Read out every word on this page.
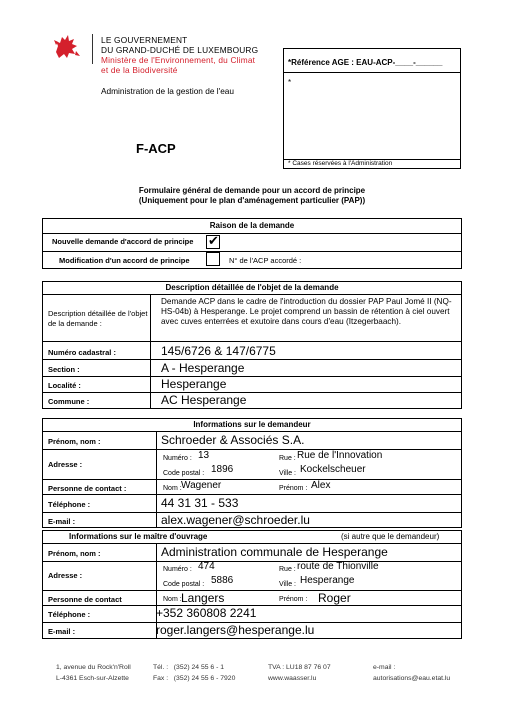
LE GOUVERNEMENT
DU GRAND-DUCHÉ DE LUXEMBOURG
Ministère de l'Environnement, du Climat
et de la Biodiversité
Administration de la gestion de l'eau
*Référence AGE : EAU-ACP-____-______
*
* Cases réservées à l'Administration
F-ACP
Formulaire général de demande pour un accord de principe
(Uniquement pour le plan d'aménagement particulier (PAP))
Raison de la demande
Nouvelle demande d'accord de principe ✔
Modification d'un accord de principe	N° de l'ACP accordé :
Description détaillée de l'objet de la demande
Description détaillée de l'objet de la demande :
Demande ACP dans le cadre de l'introduction du dossier PAP Paul Jomé II (NQ-HS-04b) à Hesperange. Le projet comprend un bassin de rétention à ciel ouvert avec cuves enterrées et exutoire dans cours d'eau (Itzegerbaach).
Numéro cadastral :	145/6726 & 147/6775
Section :	A - Hesperange
Localité :	Hesperange
Commune :	AC Hesperange
Informations sur le demandeur
Prénom, nom :	Schroeder & Associés S.A.
Adresse :
Numéro : 13	Rue : Rue de l'Innovation
Code postal : 1896	Ville : Kockelscheuer
Personne de contact :	Nom : Wagener	Prénom : Alex
Téléphone :	44 31 31 - 533
E-mail :	alex.wagener@schroeder.lu
Informations sur le maître d'ouvrage	(si autre que le demandeur)
Prénom, nom :	Administration communale de Hesperange
Adresse :
Numéro : 474	Rue : route de Thionville
Code postal : 5886	Ville : Hesperange
Personne de contact	Nom : Langers	Prénom : Roger
Téléphone :	+352 360808 2241
E-mail :	roger.langers@hesperange.lu
1, avenue du Rock'n'Roll
L-4361 Esch-sur-Alzette
Tél. :   (352) 24 55 6 - 1
Fax :   (352) 24 55 6 - 7920
TVA : LU18 87 76 07
www.waasser.lu
e-mail :
autorisations@eau.etat.lu
